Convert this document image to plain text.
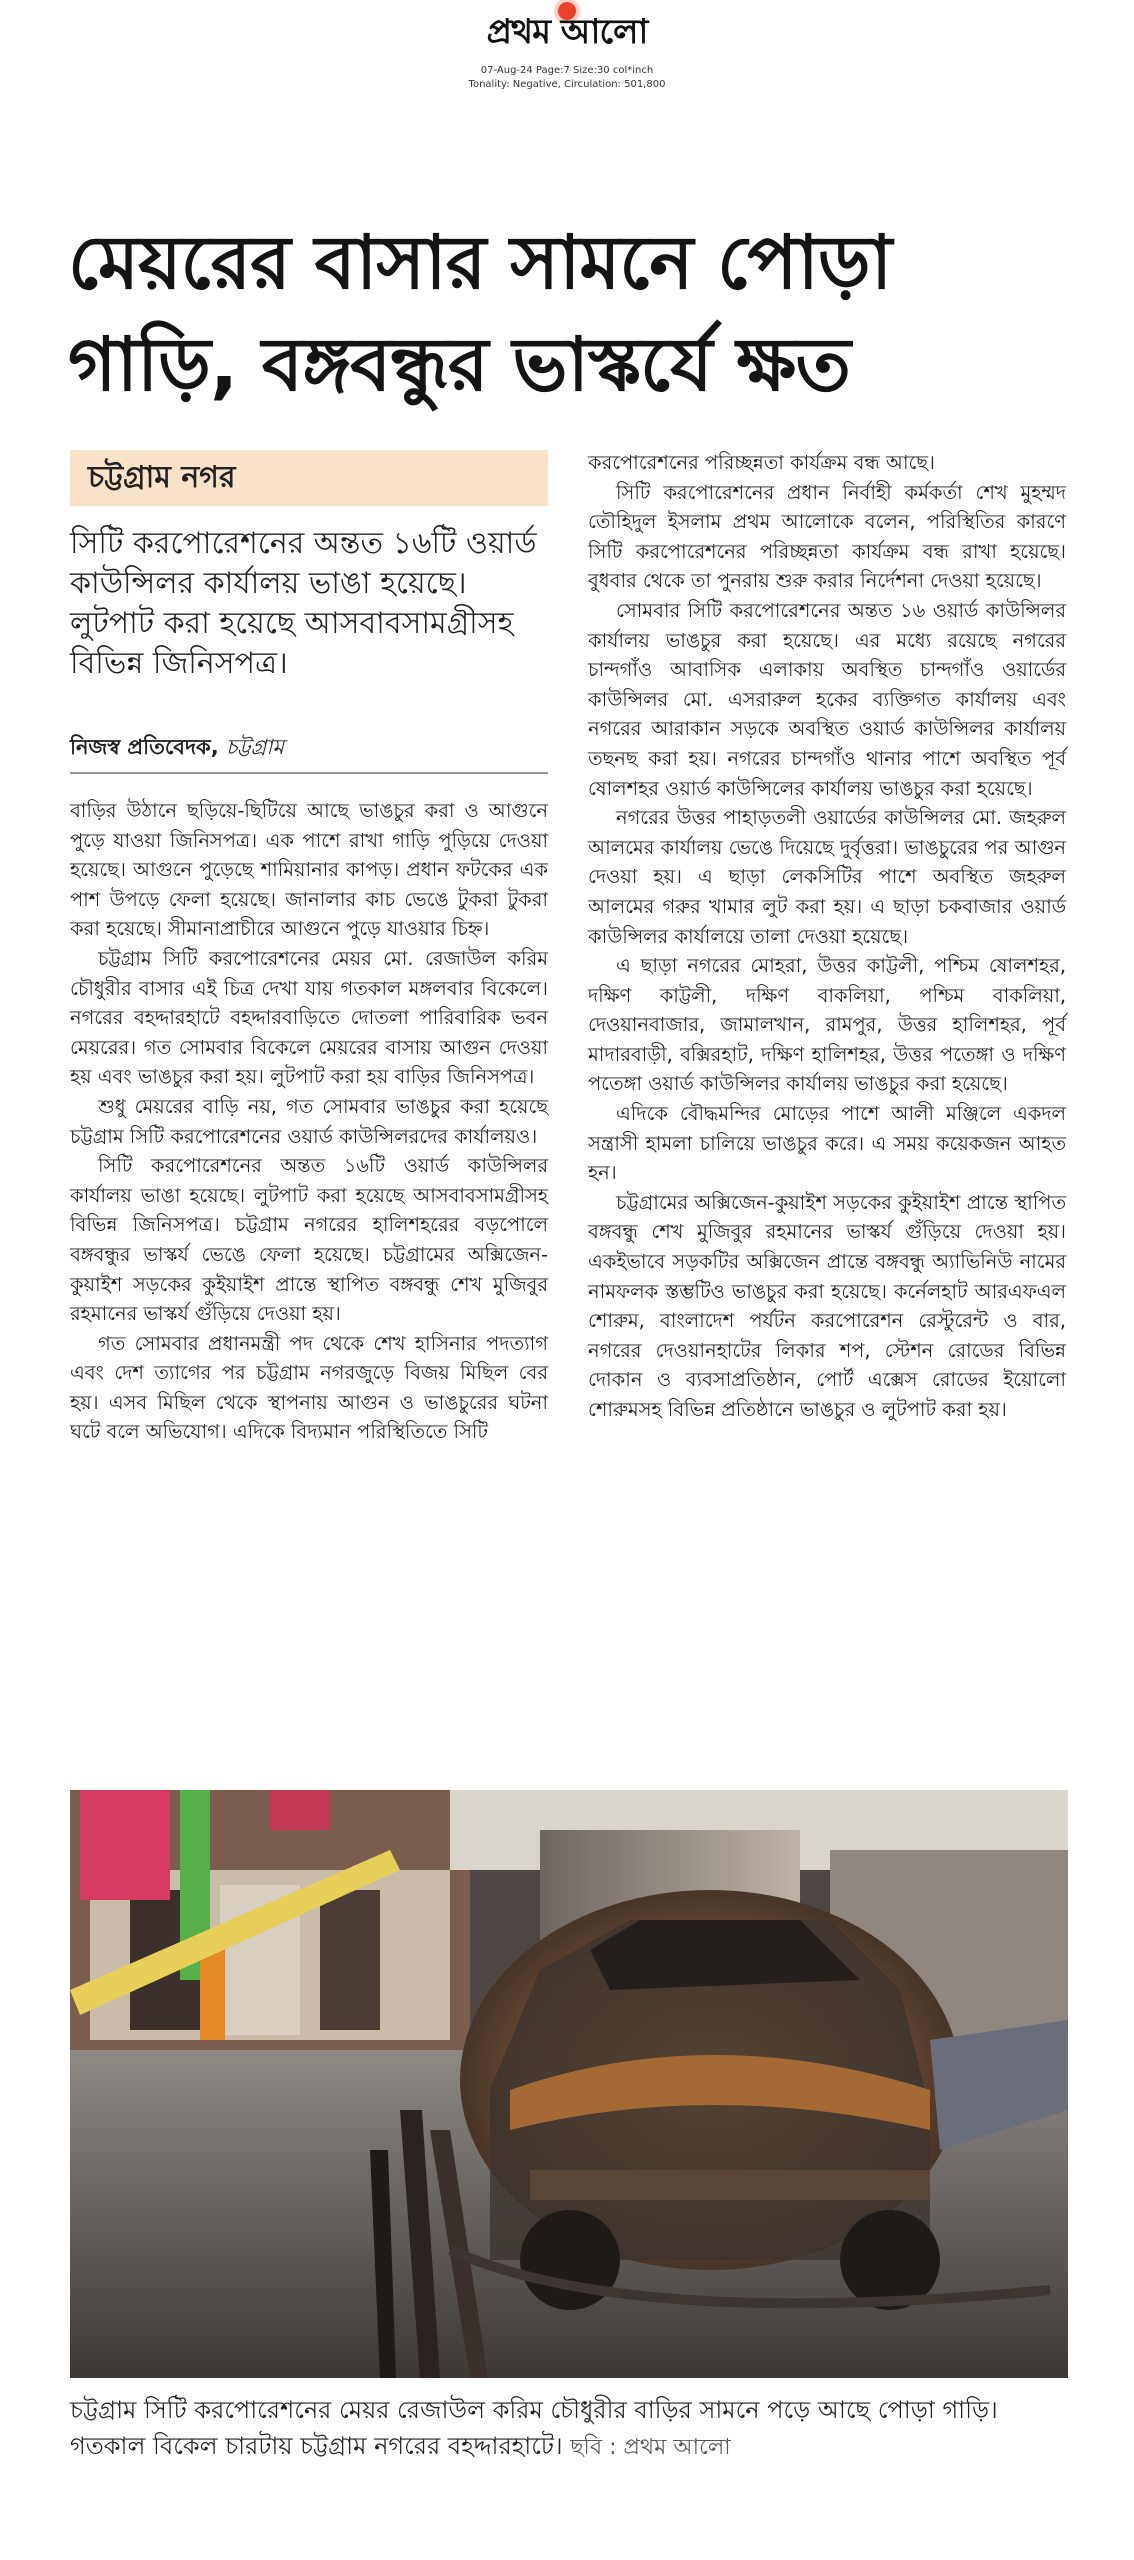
প্রথম আলো
07-Aug-24 Page:7 Size:30 col*inch
Tonality: Negative, Circulation: 501,800
মেয়রের বাসার সামনে পোড়া গাড়ি, বঙ্গবন্ধুর ভাস্কর্যে ক্ষত
চট্টগ্রাম নগর

সিটি করপোরেশনের অন্তত ১৬টি ওয়ার্ড কাউন্সিলর কার্যালয় ভাঙা হয়েছে। লুটপাট করা হয়েছে আসবাবসামগ্রীসহ বিভিন্ন জিনিসপত্র।

নিজস্ব প্রতিবেদক, চট্টগ্রাম

বাড়ির উঠানে ছড়িয়ে-ছিটিয়ে আছে ভাঙচুর করা ও আগুনে পুড়ে যাওয়া জিনিসপত্র। এক পাশে রাখা গাড়ি পুড়িয়ে দেওয়া হয়েছে। আগুনে পুড়েছে শামিয়ানার কাপড়। প্রধান ফটকের এক পাশ উপড়ে ফেলা হয়েছে। জানালার কাচ ভেঙে টুকরা টুকরা করা হয়েছে। সীমানাপ্রাচীরে আগুনে পুড়ে যাওয়ার চিহ্ন।

চট্টগ্রাম সিটি করপোরেশনের মেয়র মো. রেজাউল করিম চৌধুরীর বাসার এই চিত্র দেখা যায় গতকাল মঙ্গলবার বিকেলে। নগরের বহদ্দারহাটে বহদ্দারবাড়িতে দোতলা পারিবারিক ভবন মেয়রের। গত সোমবার বিকেলে মেয়রের বাসায় আগুন দেওয়া হয় এবং ভাঙচুর করা হয়। লুটপাট করা হয় বাড়ির জিনিসপত্র।

শুধু মেয়রের বাড়ি নয়, গত সোমবার ভাঙচুর করা হয়েছে চট্টগ্রাম সিটি করপোরেশনের ওয়ার্ড কাউন্সিলরদের কার্যালয়ও।

সিটি করপোরেশনের অন্তত ১৬টি ওয়ার্ড কাউন্সিলর কার্যালয় ভাঙা হয়েছে। লুটপাট করা হয়েছে আসবাবসামগ্রীসহ বিভিন্ন জিনিসপত্র। চট্টগ্রাম নগরের হালিশহরের বড়পোলে বঙ্গবন্ধুর ভাস্কর্য ভেঙে ফেলা হয়েছে। চট্টগ্রামের অক্সিজেন-কুয়াইশ সড়কের কুইয়াইশ প্রান্তে স্থাপিত বঙ্গবন্ধু শেখ মুজিবুর রহমানের ভাস্কর্য গুঁড়িয়ে দেওয়া হয়।

গত সোমবার প্রধানমন্ত্রী পদ থেকে শেখ হাসিনার পদত্যাগ এবং দেশ ত্যাগের পর চট্টগ্রাম নগরজুড়ে বিজয় মিছিল বের হয়। এসব মিছিল থেকে স্থাপনায় আগুন ও ভাঙচুরের ঘটনা ঘটে বলে অভিযোগ। এদিকে বিদ্যমান পরিস্থিতিতে সিটি

করপোরেশনের পরিচ্ছন্নতা কার্যক্রম বন্ধ আছে।

সিটি করপোরেশনের প্রধান নির্বাহী কর্মকর্তা শেখ মুহম্মদ তৌহিদুল ইসলাম প্রথম আলোকে বলেন, পরিস্থিতির কারণে সিটি করপোরেশনের পরিচ্ছন্নতা কার্যক্রম বন্ধ রাখা হয়েছে। বুধবার থেকে তা পুনরায় শুরু করার নির্দেশনা দেওয়া হয়েছে।

সোমবার সিটি করপোরেশনের অন্তত ১৬ ওয়ার্ড কাউন্সিলর কার্যালয় ভাঙচুর করা হয়েছে। এর মধ্যে রয়েছে নগরের চান্দগাঁও আবাসিক এলাকায় অবস্থিত চান্দগাঁও ওয়ার্ডের কাউন্সিলর মো. এসরারুল হকের ব্যক্তিগত কার্যালয় এবং নগরের আরাকান সড়কে অবস্থিত ওয়ার্ড কাউন্সিলর কার্যালয় তছনছ করা হয়। নগরের চান্দগাঁও থানার পাশে অবস্থিত পূর্ব ষোলশহর ওয়ার্ড কাউন্সিলের কার্যালয় ভাঙচুর করা হয়েছে।

নগরের উত্তর পাহাড়তলী ওয়ার্ডের কাউন্সিলর মো. জহরুল আলমের কার্যালয় ভেঙে দিয়েছে দুর্বৃত্তরা। ভাঙচুরের পর আগুন দেওয়া হয়। এ ছাড়া লেকসিটির পাশে অবস্থিত জহরুল আলমের গরুর খামার লুট করা হয়। এ ছাড়া চকবাজার ওয়ার্ড কাউন্সিলর কার্যালয়ে তালা দেওয়া হয়েছে।

এ ছাড়া নগরের মোহরা, উত্তর কাট্টলী, পশ্চিম ষোলশহর, দক্ষিণ কাট্টলী, দক্ষিণ বাকলিয়া, পশ্চিম বাকলিয়া, দেওয়ানবাজার, জামালখান, রামপুর, উত্তর হালিশহর, পূর্ব মাদারবাড়ী, বক্সিরহাট, দক্ষিণ হালিশহর, উত্তর পতেঙ্গা ও দক্ষিণ পতেঙ্গা ওয়ার্ড কাউন্সিলর কার্যালয় ভাঙচুর করা হয়েছে।

এদিকে বৌদ্ধমন্দির মোড়ের পাশে আলী মঞ্জিলে একদল সন্ত্রাসী হামলা চালিয়ে ভাঙচুর করে। এ সময় কয়েকজন আহত হন।

চট্টগ্রামের অক্সিজেন-কুয়াইশ সড়কের কুইয়াইশ প্রান্তে স্থাপিত বঙ্গবন্ধু শেখ মুজিবুর রহমানের ভাস্কর্য গুঁড়িয়ে দেওয়া হয়। একইভাবে সড়কটির অক্সিজেন প্রান্তে বঙ্গবন্ধু অ্যাভিনিউ নামের নামফলক স্তম্ভটিও ভাঙচুর করা হয়েছে। কর্নেলহাট আরএফএল শোরুম, বাংলাদেশ পর্যটন করপোরেশন রেস্টুরেন্ট ও বার, নগরের দেওয়ানহাটের লিকার শপ, স্টেশন রোডের বিভিন্ন দোকান ও ব্যবসাপ্রতিষ্ঠান, পোর্ট এক্সেস রোডের ইয়োলো শোরুমসহ বিভিন্ন প্রতিষ্ঠানে ভাঙচুর ও লুটপাট করা হয়।

চট্টগ্রাম সিটি করপোরেশনের মেয়র রেজাউল করিম চৌধুরীর বাড়ির সামনে পড়ে আছে পোড়া গাড়ি। গতকাল বিকেল চারটায় চট্টগ্রাম নগরের বহদ্দারহাটে। ছবি : প্রথম আলো
